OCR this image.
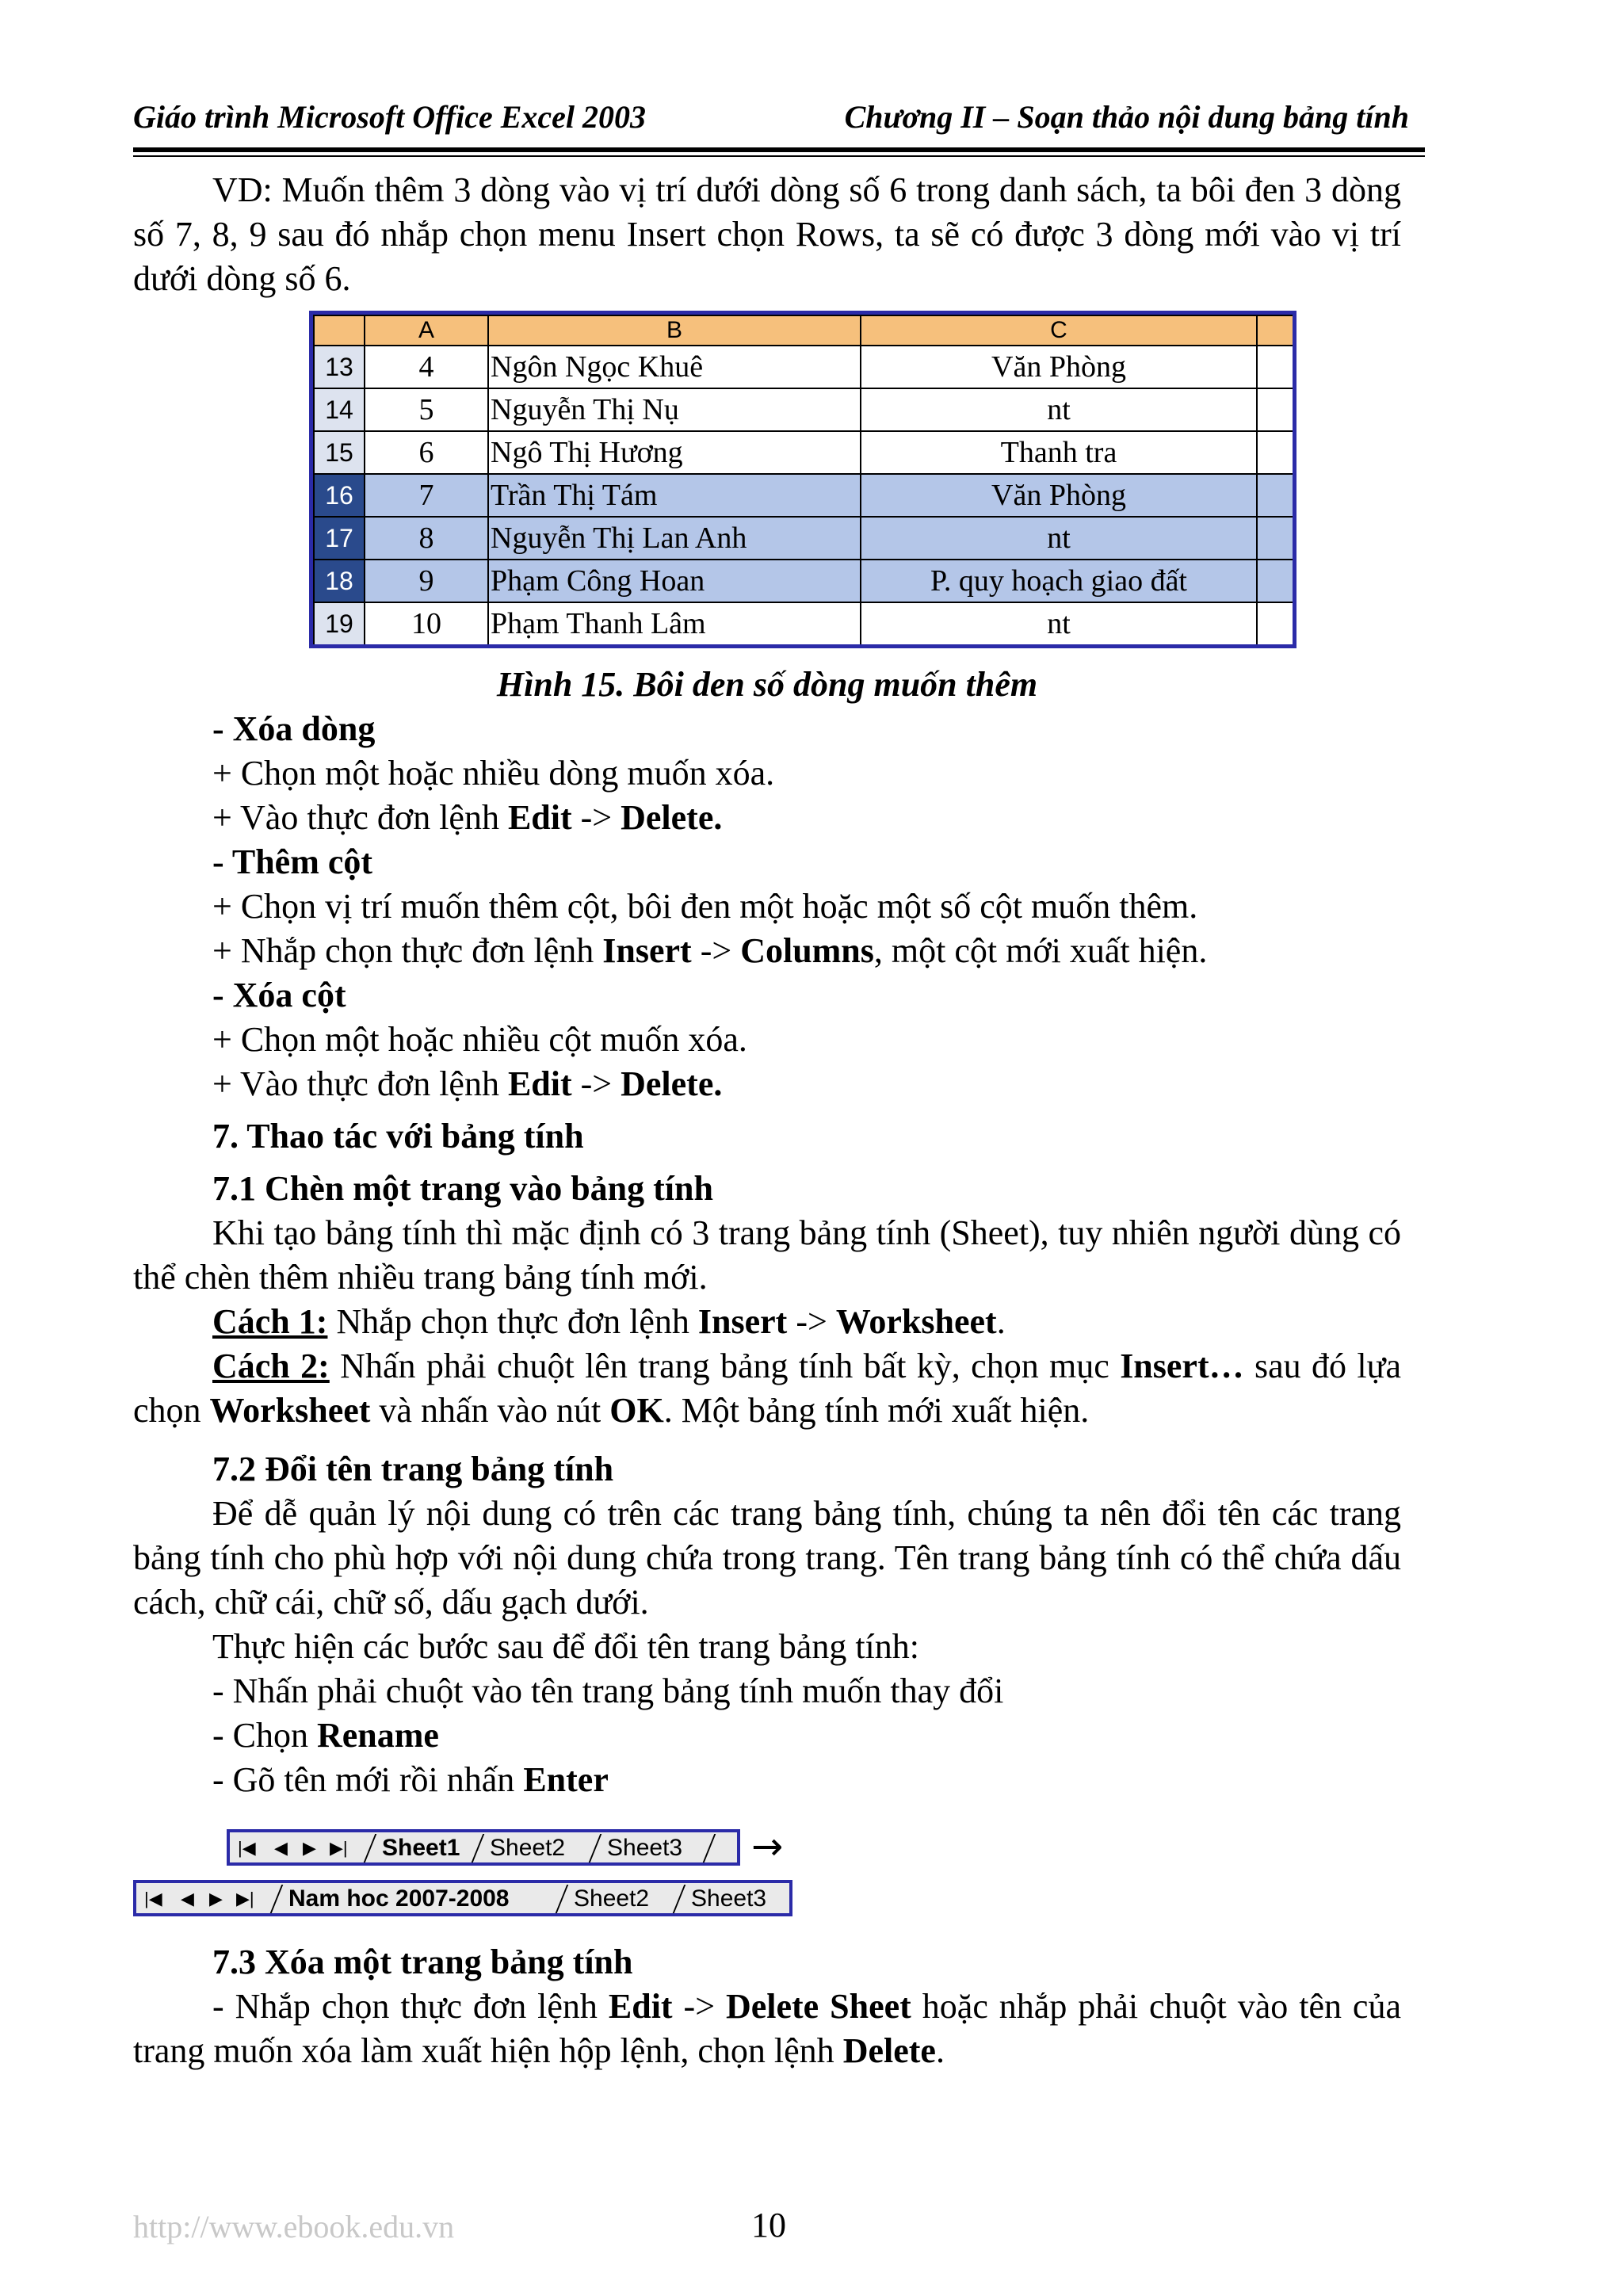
Giáo trình Microsoft Office Excel 2003	Chương II – Soạn thảo nội dung bảng tính

VD: Muốn thêm 3 dòng vào vị trí dưới dòng số 6 trong danh sách, ta bôi đen 3 dòng số 7, 8, 9 sau đó nhắp chọn menu Insert chọn Rows, ta sẽ có được 3 dòng mới vào vị trí dưới dòng số 6.

	A	B	C	
13	4	Ngôn Ngọc Khuê	Văn Phòng	
14	5	Nguyễn Thị Nụ	nt	
15	6	Ngô Thị Hương	Thanh tra	
16	7	Trần Thị Tám	Văn Phòng	
17	8	Nguyễn Thị Lan Anh	nt	
18	9	Phạm Công Hoan	P. quy hoạch giao đất	
19	10	Phạm Thanh Lâm	nt	

Hình 15. Bôi den số dòng muốn thêm

- Xóa dòng

+ Chọn một hoặc nhiều dòng muốn xóa.

+ Vào thực đơn lệnh Edit -> Delete.

- Thêm cột

+ Chọn vị trí muốn thêm cột, bôi đen một hoặc một số cột muốn thêm.

+ Nhắp chọn thực đơn lệnh Insert -> Columns, một cột mới xuất hiện.

- Xóa cột

+ Chọn một hoặc nhiều cột muốn xóa.

+ Vào thực đơn lệnh Edit -> Delete.

7. Thao tác với bảng tính

7.1 Chèn một trang vào bảng tính

Khi tạo bảng tính thì mặc định có 3 trang bảng tính (Sheet), tuy nhiên người dùng có thể chèn thêm nhiều trang bảng tính mới.

Cách 1: Nhắp chọn thực đơn lệnh Insert -> Worksheet.

Cách 2: Nhấn phải chuột lên trang bảng tính bất kỳ, chọn mục Insert… sau đó lựa chọn Worksheet và nhấn vào nút OK. Một bảng tính mới xuất hiện.

7.2 Đổi tên trang bảng tính

Để dễ quản lý nội dung có trên các trang bảng tính, chúng ta nên đổi tên các trang bảng tính cho phù hợp với nội dung chứa trong trang. Tên trang bảng tính có thể chứa dấu cách, chữ cái, chữ số, dấu gạch dưới.

Thực hiện các bước sau để đổi tên trang bảng tính:

- Nhấn phải chuột vào tên trang bảng tính muốn thay đổi

- Chọn Rename

- Gõ tên mới rồi nhấn Enter

|◀ ◀ ▶ ▶| Sheet1 Sheet2 Sheet3 →
|◀ ◀ ▶ ▶| Nam hoc 2007-2008	Sheet2 Sheet3

7.3 Xóa một trang bảng tính

- Nhắp chọn thực đơn lệnh Edit -> Delete Sheet hoặc nhắp phải chuột vào tên của trang muốn xóa làm xuất hiện hộp lệnh, chọn lệnh Delete.

http://www.ebook.edu.vn	10
